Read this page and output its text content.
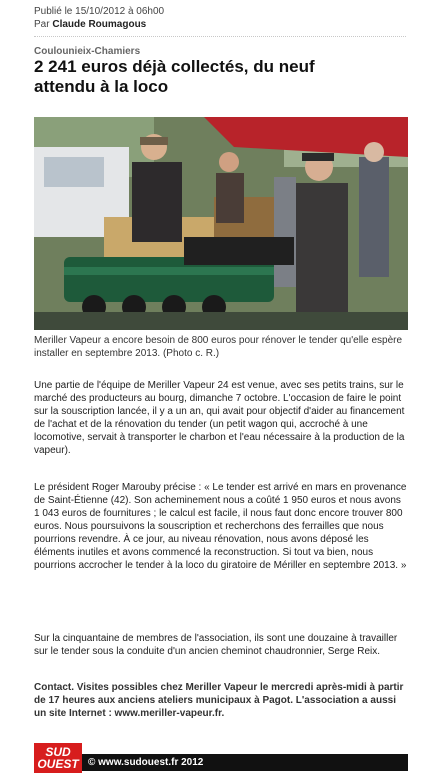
Publié le 15/10/2012 à 06h00
Par Claude Roumagous
Coulounieix-Chamiers
2 241 euros déjà collectés, du neuf attendu à la loco

Meriller Vapeur a encore besoin de 800 euros pour rénover le tender qu'elle espère installer en septembre 2013. (Photo c. R.)

Une partie de l'équipe de Meriller Vapeur 24 est venue, avec ses petits trains, sur le marché des producteurs au bourg, dimanche 7 octobre. L'occasion de faire le point sur la souscription lancée, il y a un an, qui avait pour objectif d'aider au financement de l'achat et de la rénovation du tender (un petit wagon qui, accroché à une locomotive, servait à transporter le charbon et l'eau nécessaire à la production de la vapeur).

Le président Roger Marouby précise : « Le tender est arrivé en mars en provenance de Saint-Étienne (42). Son acheminement nous a coûté 1 950 euros et nous avons 1 043 euros de fournitures ; le calcul est facile, il nous faut donc encore trouver 800 euros. Nous poursuivons la souscription et recherchons des ferrailles que nous pourrions revendre. À ce jour, au niveau rénovation, nous avons déposé les éléments inutiles et avons commencé la reconstruction. Si tout va bien, nous pourrions accrocher le tender à la loco du giratoire de Mériller en septembre 2013. »

Sur la cinquantaine de membres de l'association, ils sont une douzaine à travailler sur le tender sous la conduite d'un ancien cheminot chaudronnier, Serge Reix.

Contact. Visites possibles chez Meriller Vapeur le mercredi après-midi à partir de 17 heures aux anciens ateliers municipaux à Pagot. L'association a aussi un site Internet : www.meriller-vapeur.fr.

SUD
OUEST © www.sudouest.fr 2012
